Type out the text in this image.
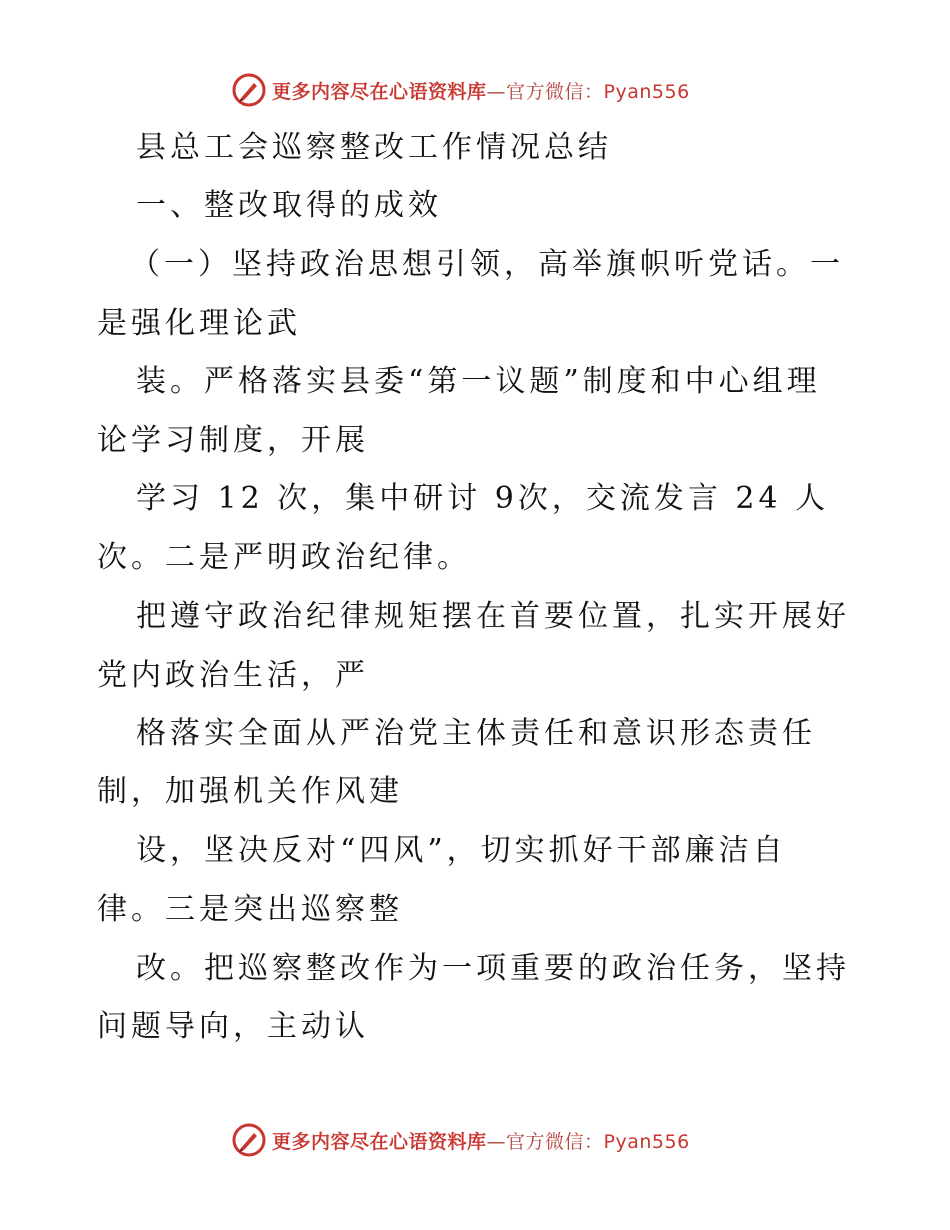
更多内容尽在心语资料库—官方微信：Pyan556
县总工会巡察整改工作情况总结
一、整改取得的成效
（一）坚持政治思想引领，高举旗帜听党话。一
是强化理论武
装。严格落实县委“第一议题”制度和中心组理
论学习制度，开展
学习 12 次，集中研讨 9次，交流发言 24 人
次。二是严明政治纪律。
把遵守政治纪律规矩摆在首要位置，扎实开展好
党内政治生活，严
格落实全面从严治党主体责任和意识形态责任
制，加强机关作风建
设，坚决反对“四风”，切实抓好干部廉洁自
律。三是突出巡察整
改。把巡察整改作为一项重要的政治任务，坚持
问题导向，主动认
更多内容尽在心语资料库—官方微信：Pyan556
